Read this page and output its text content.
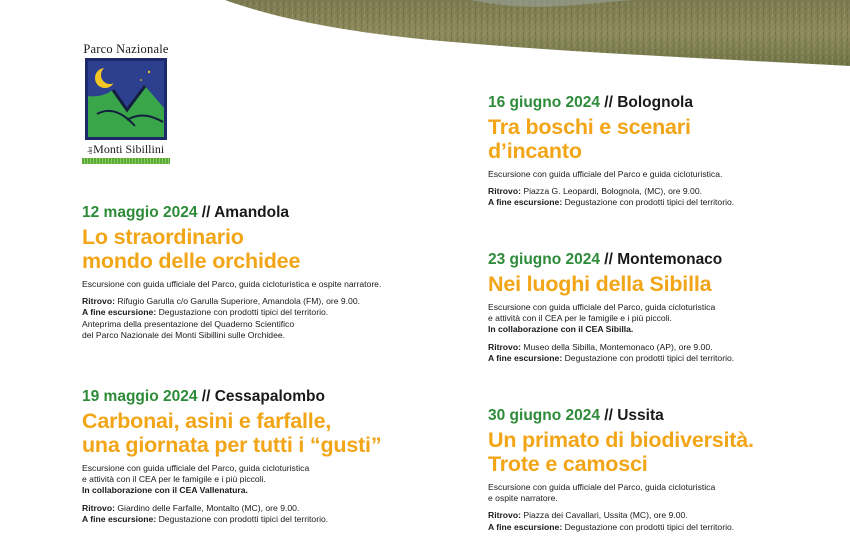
Parco Nazionale
deiMonti Sibillini
12 maggio 2024 // Amandola
Lo straordinario
mondo delle orchidee

Escursione con guida ufficiale del Parco, guida cicloturistica e ospite narratore.

Ritrovo: Rifugio Garulla c/o Garulla Superiore, Amandola (FM), ore 9.00.

A fine escursione: Degustazione con prodotti tipici del territorio.

Anteprima della presentazione del Quaderno Scientifico

del Parco Nazionale dei Monti Sibillini sulle Orchidee.

19 maggio 2024 // Cessapalombo
Carbonai, asini e farfalle,
una giornata per tutti i “gusti”

Escursione con guida ufficiale del Parco, guida cicloturistica

e attività con il CEA per le famigile e i più piccoli.

In collaborazione con il CEA Vallenatura.

Ritrovo: Giardino delle Farfalle, Montalto (MC), ore 9.00.

A fine escursione: Degustazione con prodotti tipici del territorio.

16 giugno 2024 // Bolognola
Tra boschi e scenari
d’incanto

Escursione con guida ufficiale del Parco e guida cicloturistica.

Ritrovo: Piazza G. Leopardi, Bolognola, (MC), ore 9.00.

A fine escursione: Degustazione con prodotti tipici del territorio.

23 giugno 2024 // Montemonaco
Nei luoghi della Sibilla

Escursione con guida ufficiale del Parco, guida cicloturistica

e attività con il CEA per le famigile e i più piccoli.

In collaborazione con il CEA Sibilla.

Ritrovo: Museo della Sibilla, Montemonaco (AP), ore 9.00.

A fine escursione: Degustazione con prodotti tipici del territorio.

30 giugno 2024 // Ussita
Un primato di biodiversità.
Trote e camosci

Escursione con guida ufficiale del Parco, guida cicloturistica

e ospite narratore.

Ritrovo: Piazza dei Cavallari, Ussita (MC), ore 9.00.

A fine escursione: Degustazione con prodotti tipici del territorio.
